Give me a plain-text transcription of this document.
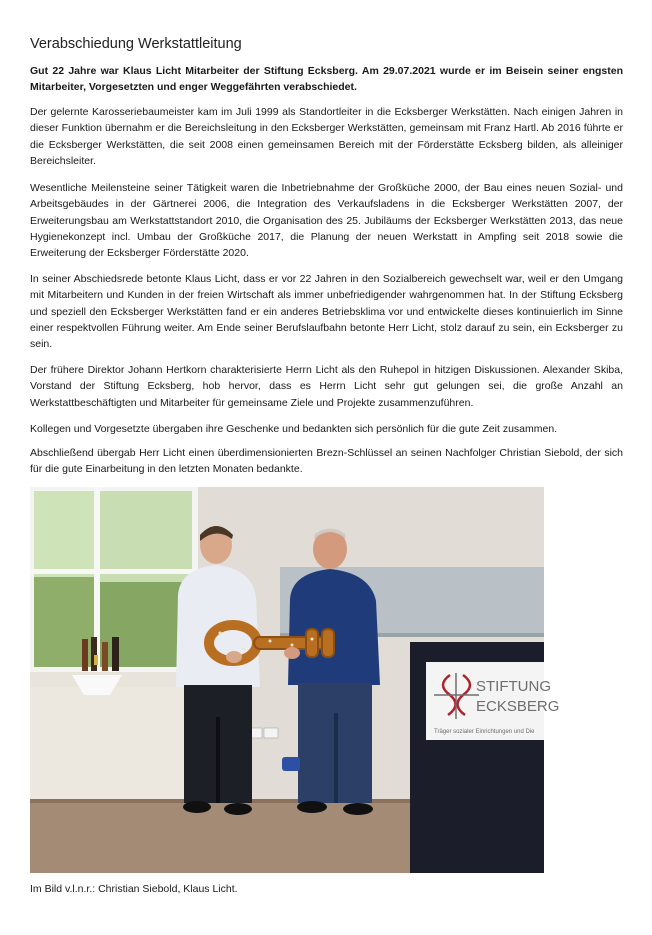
Verabschiedung Werkstattleitung

Gut 22 Jahre war Klaus Licht Mitarbeiter der Stiftung Ecksberg. Am 29.07.2021 wurde er im Beisein seiner engsten Mitarbeiter, Vorgesetzten und enger Weggefährten verabschiedet.

Der gelernte Karosseriebaumeister kam im Juli 1999 als Standortleiter in die Ecksberger Werkstätten. Nach einigen Jahren in dieser Funktion übernahm er die Bereichsleitung in den Ecksberger Werkstätten, gemeinsam mit Franz Hartl. Ab 2016 führte er die Ecksberger Werkstätten, die seit 2008 einen gemeinsamen Bereich mit der Förderstätte Ecksberg bilden, als alleiniger Bereichsleiter.

Wesentliche Meilensteine seiner Tätigkeit waren die Inbetriebnahme der Großküche 2000, der Bau eines neuen Sozial- und Arbeitsgebäudes in der Gärtnerei 2006, die Integration des Verkaufsladens in die Ecksberger Werkstätten 2007, der Erweiterungsbau am Werkstattstandort 2010, die Organisation des 25. Jubiläums der Ecksberger Werkstätten 2013, das neue Hygienekonzept incl. Umbau der Großküche 2017, die Planung der neuen Werkstatt in Ampfing seit 2018 sowie die Erweiterung der Ecksberger Förderstätte 2020.

In seiner Abschiedsrede betonte Klaus Licht, dass er vor 22 Jahren in den Sozialbereich gewechselt war, weil er den Umgang mit Mitarbeitern und Kunden in der freien Wirtschaft als immer unbefriedigender wahrgenommen hat. In der Stiftung Ecksberg und speziell den Ecksberger Werkstätten fand er ein anderes Betriebsklima vor und entwickelte dieses kontinuierlich im Sinne einer respektvollen Führung weiter. Am Ende seiner Berufslaufbahn betonte Herr Licht, stolz darauf zu sein, ein Ecksberger zu sein.

Der frühere Direktor Johann Hertkorn charakterisierte Herrn Licht als den Ruhepol in hitzigen Diskussionen. Alexander Skiba, Vorstand der Stiftung Ecksberg, hob hervor, dass es Herrn Licht sehr gut gelungen sei, die große Anzahl an Werkstattbeschäftigten und Mitarbeiter für gemeinsame Ziele und Projekte zusammenzuführen.

Kollegen und Vorgesetzte übergaben ihre Geschenke und bedankten sich persönlich für die gute Zeit zusammen.

Abschließend übergab Herr Licht einen überdimensionierten Brezn-Schlüssel an seinen Nachfolger Christian Siebold, der sich für die gute Einarbeitung in den letzten Monaten bedankte.

STIFTUNG
ECKSBERG
Träger sozialer Einrichtungen und Die
Im Bild v.l.n.r.: Christian Siebold, Klaus Licht.
